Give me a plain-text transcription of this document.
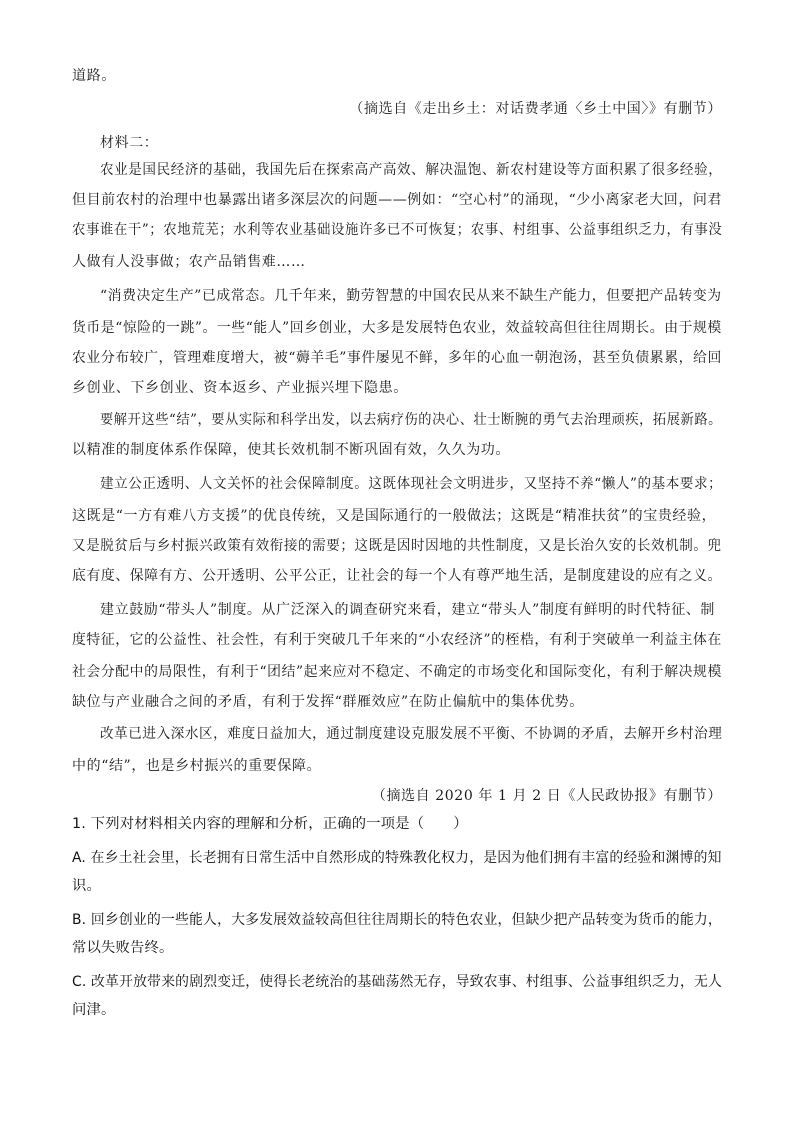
道路。
（摘选自《走出乡土：对话费孝通〈乡土中国〉》有删节）
材料二：
农业是国民经济的基础，我国先后在探索高产高效、解决温饱、新农村建设等方面积累了很多经验，
但目前农村的治理中也暴露出诸多深层次的问题——例如：“空心村”的涌现，“少小离家老大回，问君
农事谁在干”；农地荒芜；水利等农业基础设施许多已不可恢复；农事、村组事、公益事组织乏力，有事没
人做有人没事做；农产品销售难……
“消费决定生产”已成常态。几千年来，勤劳智慧的中国农民从来不缺生产能力，但要把产品转变为
货币是“惊险的一跳”。一些“能人”回乡创业，大多是发展特色农业，效益较高但往往周期长。由于规模
农业分布较广，管理难度增大，被“薅羊毛”事件屡见不鲜，多年的心血一朝泡汤，甚至负债累累，给回
乡创业、下乡创业、资本返乡、产业振兴埋下隐患。
要解开这些“结”，要从实际和科学出发，以去病疗伤的决心、壮士断腕的勇气去治理顽疾，拓展新路。
以精准的制度体系作保障，使其长效机制不断巩固有效，久久为功。
建立公正透明、人文关怀的社会保障制度。这既体现社会文明进步，又坚持不养“懒人”的基本要求；
这既是“一方有难八方支援”的优良传统，又是国际通行的一般做法；这既是“精准扶贫”的宝贵经验，
又是脱贫后与乡村振兴政策有效衔接的需要；这既是因时因地的共性制度，又是长治久安的长效机制。兜
底有度、保障有方、公开透明、公平公正，让社会的每一个人有尊严地生活，是制度建设的应有之义。
建立鼓励“带头人”制度。从广泛深入的调查研究来看，建立“带头人”制度有鲜明的时代特征、制
度特征，它的公益性、社会性，有利于突破几千年来的“小农经济”的桎梏，有利于突破单一利益主体在
社会分配中的局限性，有利于“团结”起来应对不稳定、不确定的市场变化和国际变化，有利于解决规模
缺位与产业融合之间的矛盾，有利于发挥“群雁效应”在防止偏航中的集体优势。
改革已进入深水区，难度日益加大，通过制度建设克服发展不平衡、不协调的矛盾，去解开乡村治理
中的“结”，也是乡村振兴的重要保障。
（摘选自 2020 年 1 月 2 日《人民政协报》有删节）
1. 下列对材料相关内容的理解和分析，正确的一项是（　　）
A. 在乡土社会里，长老拥有日常生活中自然形成的特殊教化权力，是因为他们拥有丰富的经验和渊博的知
识。
B. 回乡创业的一些能人，大多发展效益较高但往往周期长的特色农业，但缺少把产品转变为货币的能力，
常以失败告终。
C. 改革开放带来的剧烈变迁，使得长老统治的基础荡然无存，导致农事、村组事、公益事组织乏力，无人
问津。
